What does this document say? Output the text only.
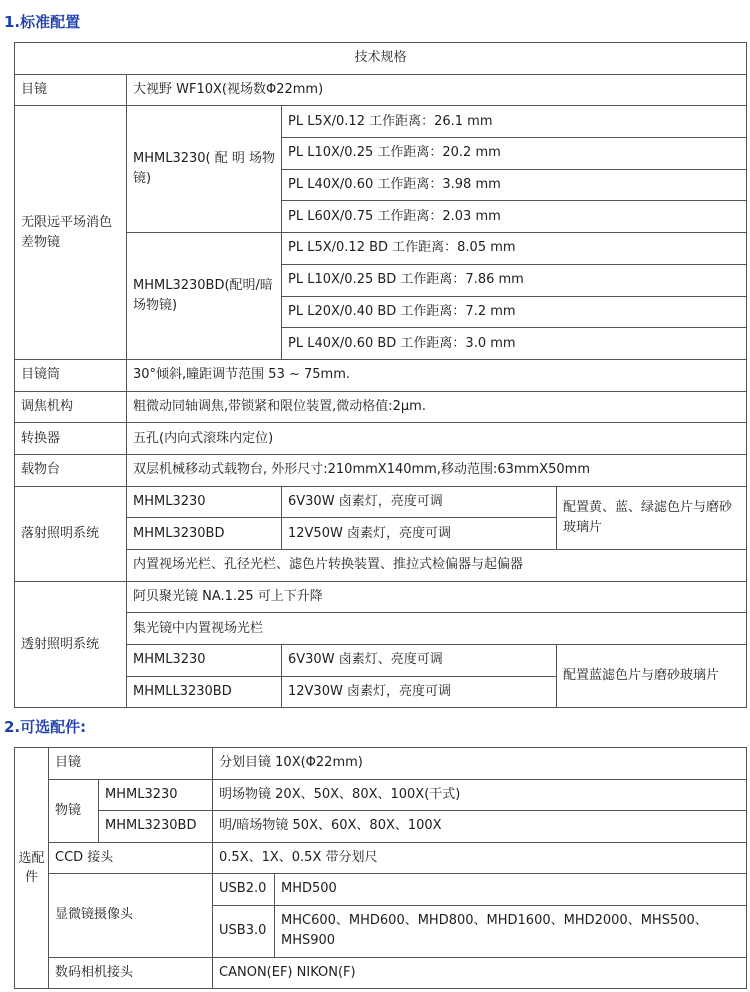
1.标准配置
技术规格			
目镜	大视野 WF10X(视场数Φ22mm)		
无限远平场消色差物镜	MHML3230( 配 明 场物镜)	PL L5X/0.12 工作距离：26.1 mm	
		PL L10X/0.25 工作距离：20.2 mm	
		PL L40X/0.60 工作距离：3.98 mm	
		PL L60X/0.75 工作距离：2.03 mm	
	MHML3230BD(配明/暗场物镜)	PL L5X/0.12 BD 工作距离：8.05 mm	
		PL L10X/0.25 BD 工作距离：7.86 mm	
		PL L20X/0.40 BD 工作距离：7.2 mm	
		PL L40X/0.60 BD 工作距离：3.0 mm	
目镜筒	30°倾斜,瞳距调节范围 53 ~ 75mm.		
调焦机构	粗微动同轴调焦,带锁紧和限位装置,微动格值:2μm.		
转换器	五孔(内向式滚珠内定位)		
载物台	双层机械移动式载物台, 外形尺寸:210mmX140mm,移动范围:63mmX50mm		
落射照明系统	MHML3230	6V30W 卤素灯，亮度可调	配置黄、蓝、绿滤色片与磨砂玻璃片
	MHML3230BD	12V50W 卤素灯，亮度可调	
	内置视场光栏、孔径光栏、滤色片转换装置、推拉式检偏器与起偏器		
透射照明系统	阿贝聚光镜 NA.1.25 可上下升降		
	集光镜中内置视场光栏		
	MHML3230	6V30W 卤素灯、亮度可调	配置蓝滤色片与磨砂玻璃片
	MHMLL3230BD	12V30W 卤素灯，亮度可调	
2.可选配件:
选配件	目镜		分划目镜 10X(Φ22mm)	
	物镜	MHML3230	明场物镜 20X、50X、80X、100X(干式)	
		MHML3230BD	明/暗场物镜 50X、60X、80X、100X	
	CCD 接头		0.5X、1X、0.5X 带分划尺	
	显微镜摄像头		USB2.0	MHD500
			USB3.0	MHC600、MHD600、MHD800、MHD1600、MHD2000、MHS500、MHS900
	数码相机接头		CANON(EF) NIKON(F)	
